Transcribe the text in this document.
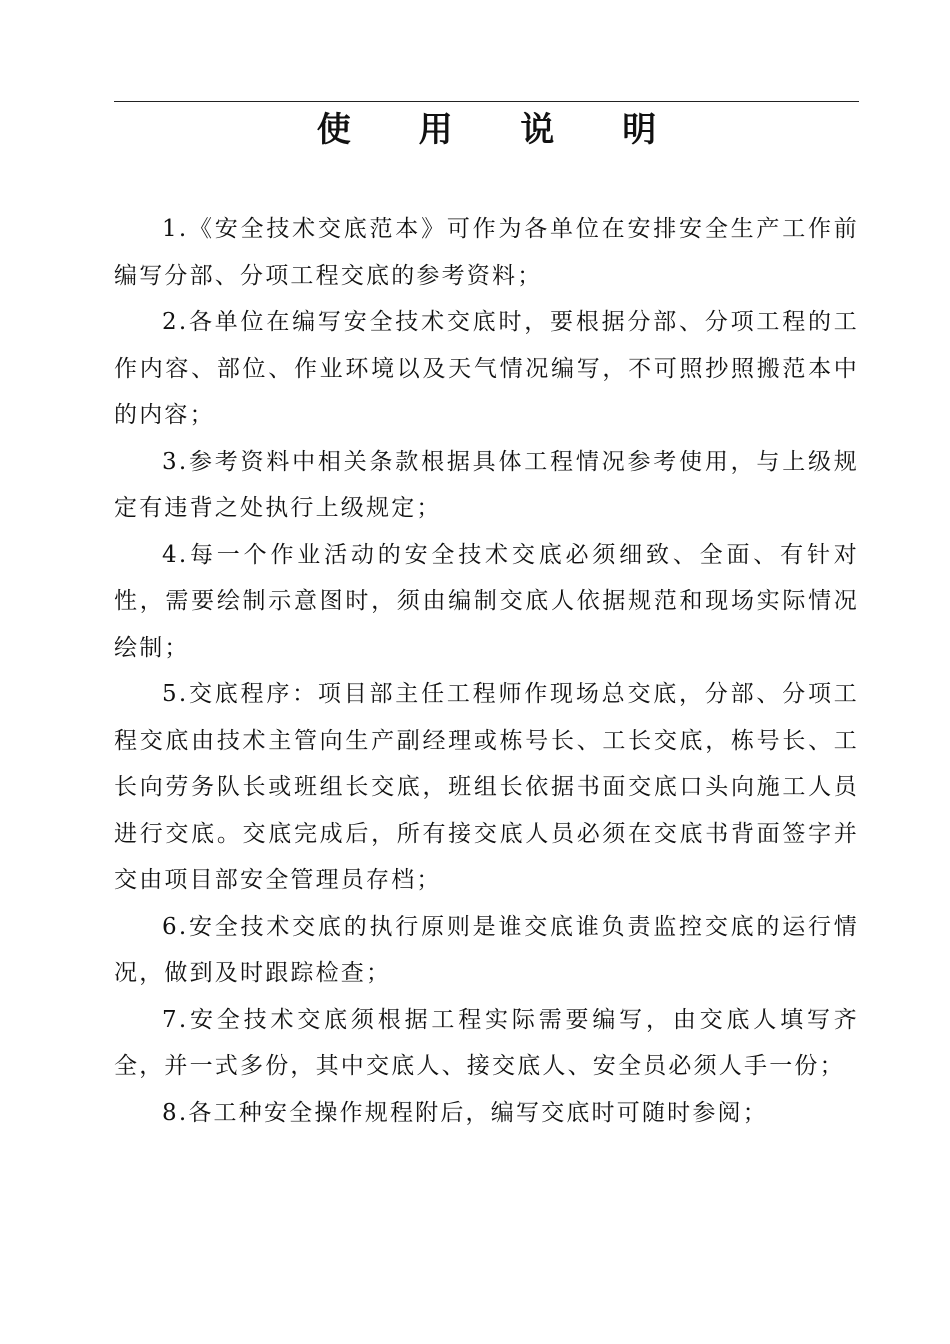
使 用 说 明

1.《安全技术交底范本》可作为各单位在安排安全生产工作前编写分部、分项工程交底的参考资料；

2.各单位在编写安全技术交底时，要根据分部、分项工程的工作内容、部位、作业环境以及天气情况编写，不可照抄照搬范本中的内容；

3.参考资料中相关条款根据具体工程情况参考使用，与上级规定有违背之处执行上级规定；

4.每一个作业活动的安全技术交底必须细致、全面、有针对性，需要绘制示意图时，须由编制交底人依据规范和现场实际情况绘制；

5.交底程序：项目部主任工程师作现场总交底，分部、分项工程交底由技术主管向生产副经理或栋号长、工长交底，栋号长、工长向劳务队长或班组长交底，班组长依据书面交底口头向施工人员进行交底。交底完成后，所有接交底人员必须在交底书背面签字并交由项目部安全管理员存档；

6.安全技术交底的执行原则是谁交底谁负责监控交底的运行情况，做到及时跟踪检查；

7.安全技术交底须根据工程实际需要编写，由交底人填写齐全，并一式多份，其中交底人、接交底人、安全员必须人手一份；

8.各工种安全操作规程附后，编写交底时可随时参阅；
